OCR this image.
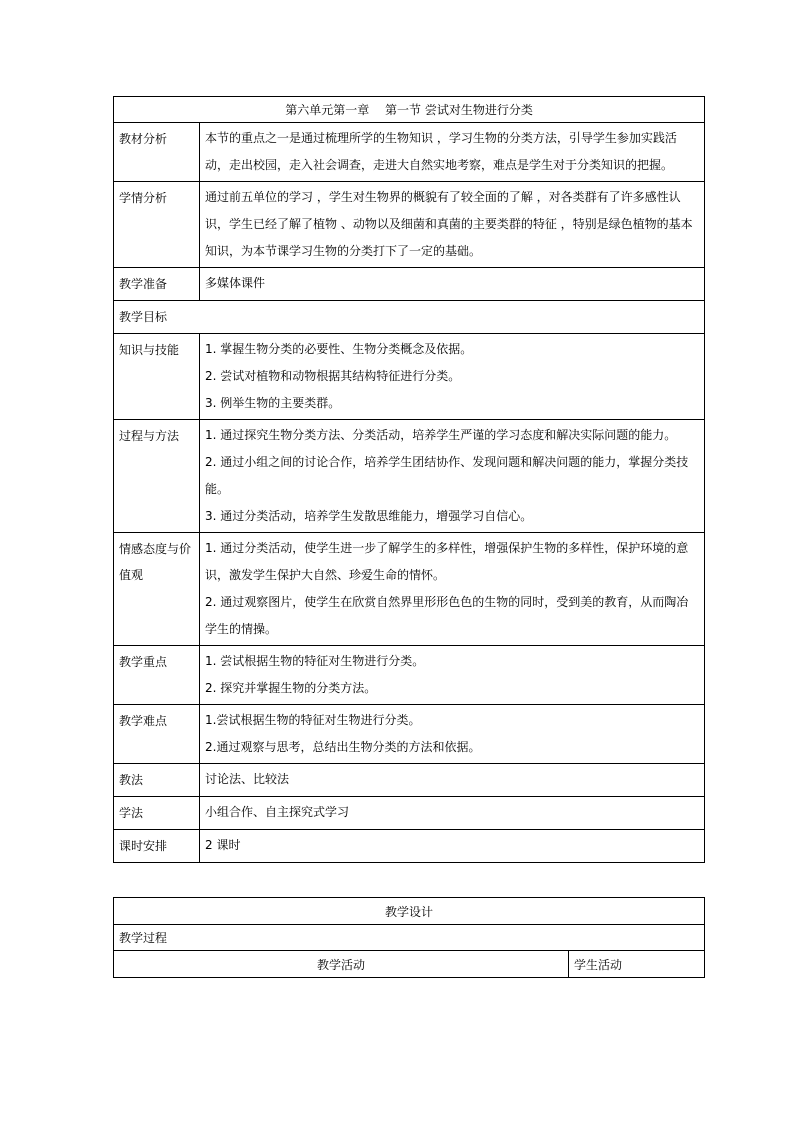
第六单元第一章　 第一节 尝试对生物进行分类	
教材分析	本节的重点之一是通过梳理所学的生物知识 ，学习生物的分类方法，引导学生参加实践活动，走出校园，走入社会调查，走进大自然实地考察，难点是学生对于分类知识的把握。

学情分析	通过前五单位的学习 ，学生对生物界的概貌有了较全面的了解 ，对各类群有了许多感性认识，学生已经了解了植物 、动物以及细菌和真菌的主要类群的特征 ，特别是绿色植物的基本知识，为本节课学习生物的分类打下了一定的基础。

教学准备	多媒体课件

教学目标	
知识与技能	1. 掌握生物分类的必要性、生物分类概念及依据。
2. 尝试对植物和动物根据其结构特征进行分类。
3. 例举生物的主要类群。

过程与方法	1. 通过探究生物分类方法、分类活动，培养学生严谨的学习态度和解决实际问题的能力。
2. 通过小组之间的讨论合作，培养学生团结协作、发现问题和解决问题的能力，掌握分类技能。
3. 通过分类活动，培养学生发散思维能力，增强学习自信心。

情感态度与价值观	1. 通过分类活动，使学生进一步了解学生的多样性，增强保护生物的多样性，保护环境的意识，激发学生保护大自然、珍爱生命的情怀。
2. 通过观察图片，使学生在欣赏自然界里形形色色的生物的同时，受到美的教育，从而陶冶学生的情操。

教学重点	1. 尝试根据生物的特征对生物进行分类。
2. 探究并掌握生物的分类方法。

教学难点	1.尝试根据生物的特征对生物进行分类。
2.通过观察与思考，总结出生物分类的方法和依据。

教法	讨论法、比较法

学法	小组合作、自主探究式学习

课时安排	2 课时
教学设计
教学过程
教学活动	学生活动
